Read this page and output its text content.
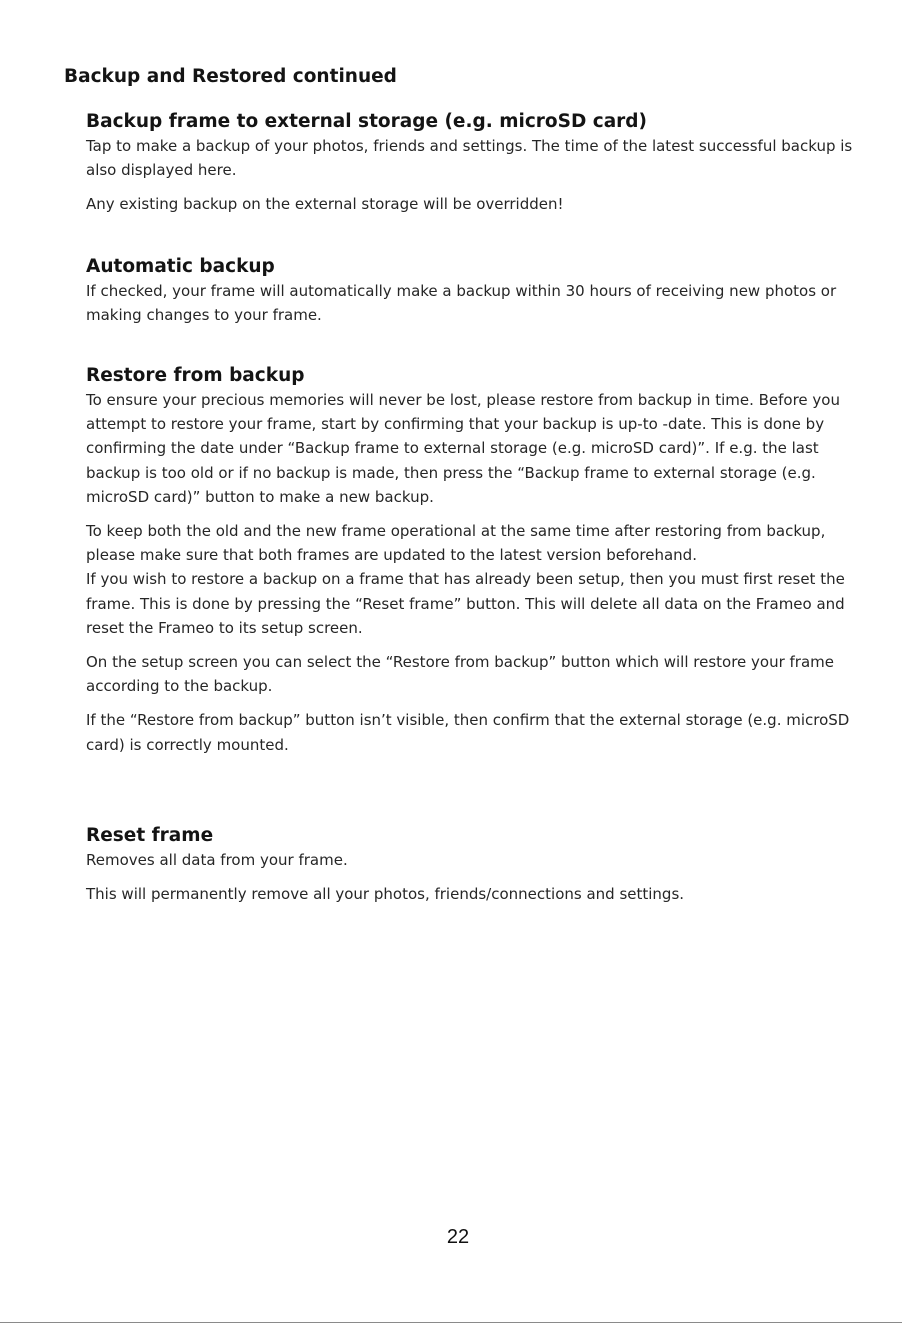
Backup and Restored continued
Backup frame to external storage (e.g. microSD card)

Tap to make a backup of your photos, friends and settings. The time of the latest successful backup is also displayed here.

Any existing backup on the external storage will be overridden!

Automatic backup

If checked, your frame will automatically make a backup within 30 hours of receiving new photos or making changes to your frame.

Restore from backup

To ensure your precious memories will never be lost, please restore from backup in time. Before you attempt to restore your frame, start by confirming that your backup is up-to -date. This is done by confirming the date under “Backup frame to external storage (e.g. microSD card)”. If e.g. the last backup is too old or if no backup is made, then press the “Backup frame to external storage (e.g. microSD card)” button to make a new backup.

To keep both the old and the new frame operational at the same time after restoring from backup, please make sure that both frames are updated to the latest version beforehand.

If you wish to restore a backup on a frame that has already been setup, then you must first reset the frame. This is done by pressing the “Reset frame” button. This will delete all data on the Frameo and reset the Frameo to its setup screen.

On the setup screen you can select the “Restore from backup” button which will restore your frame according to the backup.

If the “Restore from backup” button isn’t visible, then confirm that the external storage (e.g. microSD card) is correctly mounted.

Reset frame

Removes all data from your frame.

This will permanently remove all your photos, friends/connections and settings.

22
